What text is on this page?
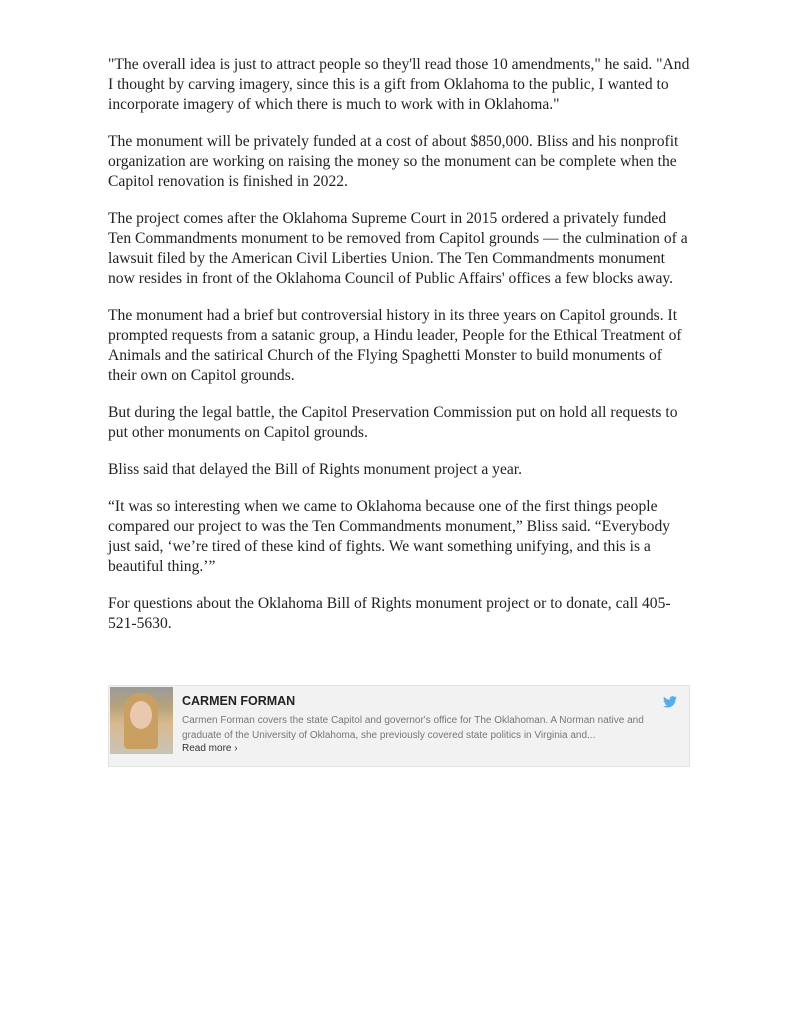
"The overall idea is just to attract people so they'll read those 10 amendments," he said. "And I thought by carving imagery, since this is a gift from Oklahoma to the public, I wanted to incorporate imagery of which there is much to work with in Oklahoma."

The monument will be privately funded at a cost of about $850,000. Bliss and his nonprofit organization are working on raising the money so the monument can be complete when the Capitol renovation is finished in 2022.

The project comes after the Oklahoma Supreme Court in 2015 ordered a privately funded Ten Commandments monument to be removed from Capitol grounds — the culmination of a lawsuit filed by the American Civil Liberties Union. The Ten Commandments monument now resides in front of the Oklahoma Council of Public Affairs' offices a few blocks away.

The monument had a brief but controversial history in its three years on Capitol grounds. It prompted requests from a satanic group, a Hindu leader, People for the Ethical Treatment of Animals and the satirical Church of the Flying Spaghetti Monster to build monuments of their own on Capitol grounds.

But during the legal battle, the Capitol Preservation Commission put on hold all requests to put other monuments on Capitol grounds.

Bliss said that delayed the Bill of Rights monument project a year.

“It was so interesting when we came to Oklahoma because one of the first things people compared our project to was the Ten Commandments monument,” Bliss said. “Everybody just said, ‘we’re tired of these kind of fights. We want something unifying, and this is a beautiful thing.’”

For questions about the Oklahoma Bill of Rights monument project or to donate, call 405-521-5630.

CARMEN FORMAN
Carmen Forman covers the state Capitol and governor's office for The Oklahoman. A Norman native and graduate of the University of Oklahoma, she previously covered state politics in Virginia and...
Read more ›
